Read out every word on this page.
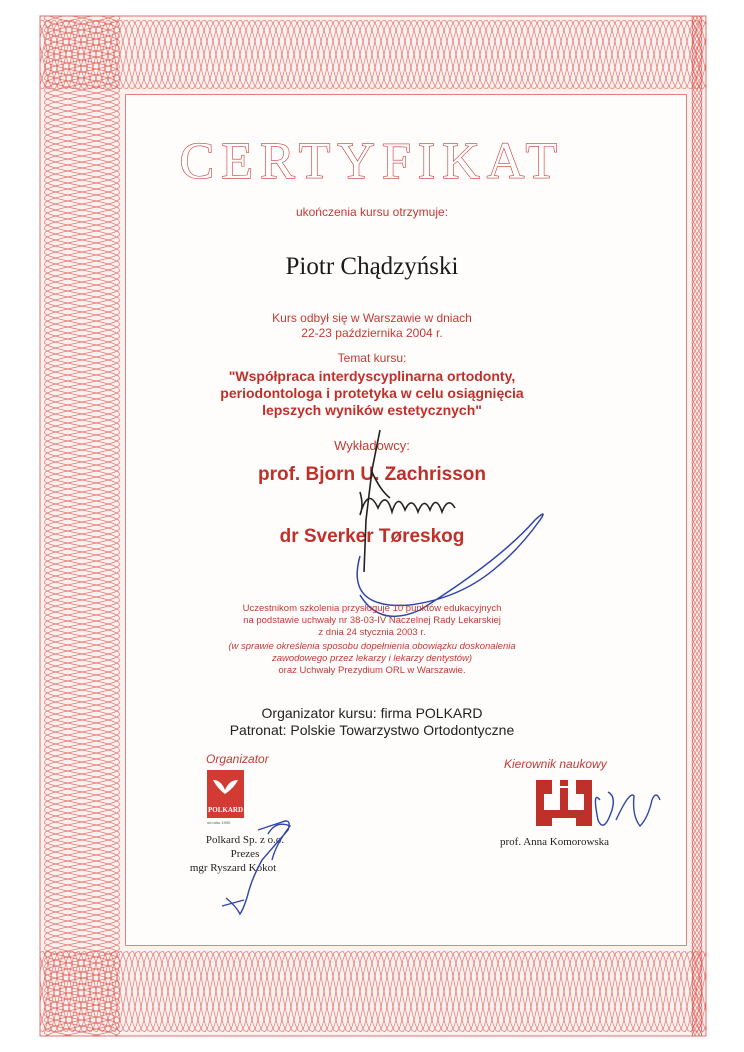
CERTYFIKAT
ukończenia kursu otrzymuje:
Piotr Chądzyński
Kurs odbył się w Warszawie w dniach
22-23 października 2004 r.
Temat kursu:
"Współpraca interdyscyplinarna ortodonty,
periodontologa i protetyka w celu osiągnięcia
lepszych wyników estetycznych"
Wykładowcy:
prof. Bjorn U. Zachrisson
dr Sverker Tøreskog
Uczestnikom szkolenia przysługuje 10 punktów edukacyjnych
na podstawie uchwały nr 38-03-IV Naczelnej Rady Lekarskiej
z dnia 24 stycznia 2003 r.
(w sprawie określenia sposobu dopełnienia obowiązku doskonalenia
zawodowego przez lekarzy i lekarzy dentystów)
oraz Uchwały Prezydium ORL w Warszawie.
Organizator kursu: firma POLKARD
Patronat: Polskie Towarzystwo Ortodontyczne
Organizator
POLKARD
od roku 1990
Polkard Sp. z o.o.
Prezes
mgr Ryszard Kokot
Kierownik naukowy
prof. Anna Komorowska
